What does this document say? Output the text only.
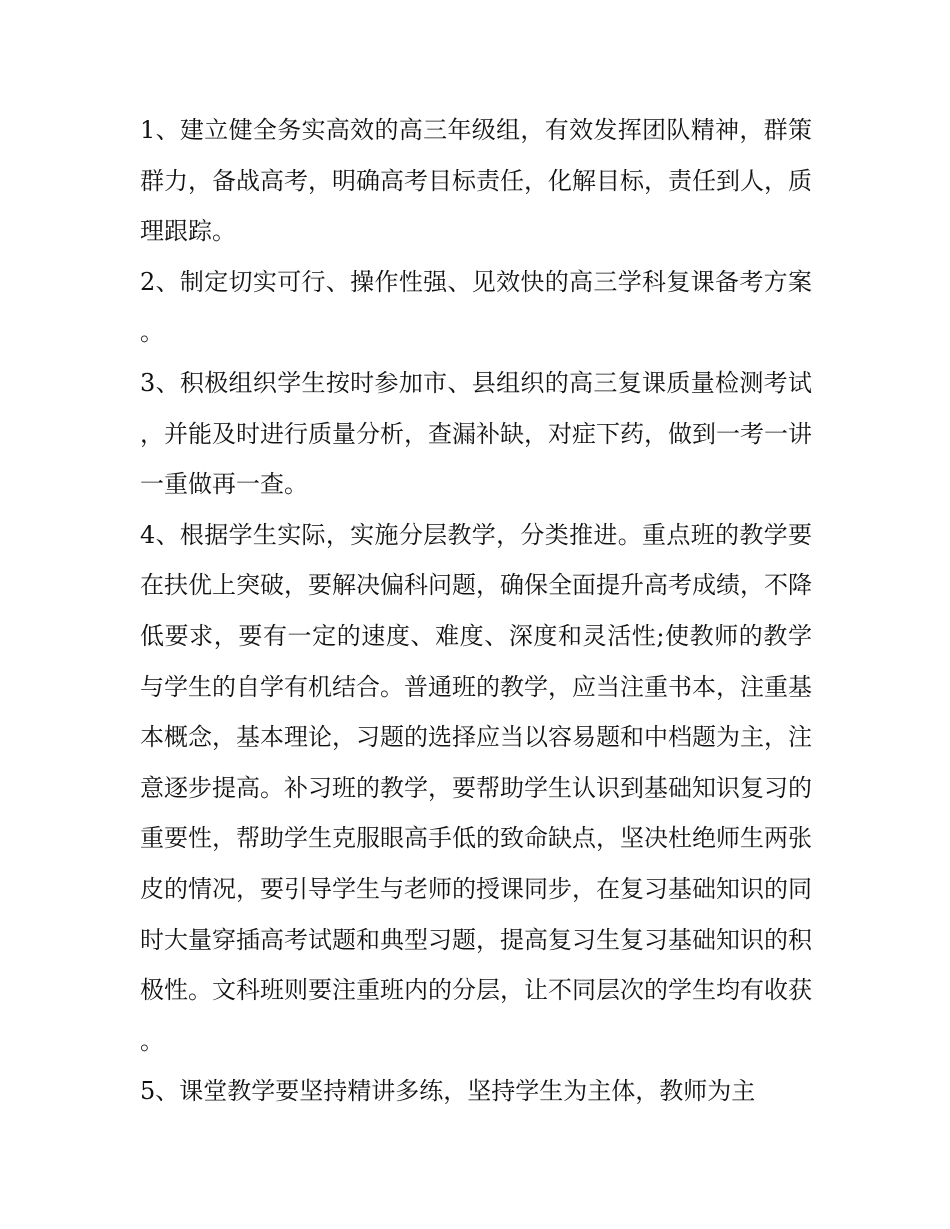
1、建立健全务实高效的高三年级组，有效发挥团队精神，群策群力，备战高考，明确高考目标责任，化解目标，责任到人，质理跟踪。

2、制定切实可行、操作性强、见效快的高三学科复课备考方案。

3、积极组织学生按时参加市、县组织的高三复课质量检测考试，并能及时进行质量分析，查漏补缺，对症下药，做到一考一讲一重做再一查。

4、根据学生实际，实施分层教学，分类推进。重点班的教学要在扶优上突破，要解决偏科问题，确保全面提升高考成绩，不降低要求，要有一定的速度、难度、深度和灵活性;使教师的教学与学生的自学有机结合。普通班的教学，应当注重书本，注重基本概念，基本理论，习题的选择应当以容易题和中档题为主，注意逐步提高。补习班的教学，要帮助学生认识到基础知识复习的重要性，帮助学生克服眼高手低的致命缺点，坚决杜绝师生两张皮的情况，要引导学生与老师的授课同步，在复习基础知识的同时大量穿插高考试题和典型习题，提高复习生复习基础知识的积极性。文科班则要注重班内的分层，让不同层次的学生均有收获。

5、课堂教学要坚持精讲多练，坚持学生为主体，教师为主
